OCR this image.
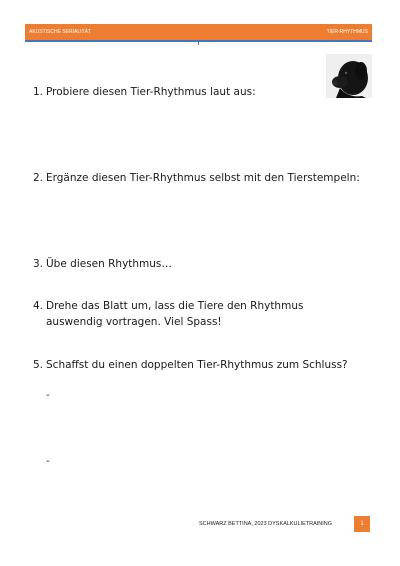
AKUSTISCHE SERIALITÄT	TIER-RHYTHMUS
1. Probiere diesen Tier-Rhythmus laut aus:
2. Ergänze diesen Tier-Rhythmus selbst mit den Tierstempeln:
3. Übe diesen Rhythmus…
4. Drehe das Blatt um, lass die Tiere den Rhythmus auswendig vortragen. Viel Spass!
5. Schaffst du einen doppelten Tier-Rhythmus zum Schluss?
-
-
SCHWARZ BETTINA, 2023 DYSKALKULIETRAINING	1
